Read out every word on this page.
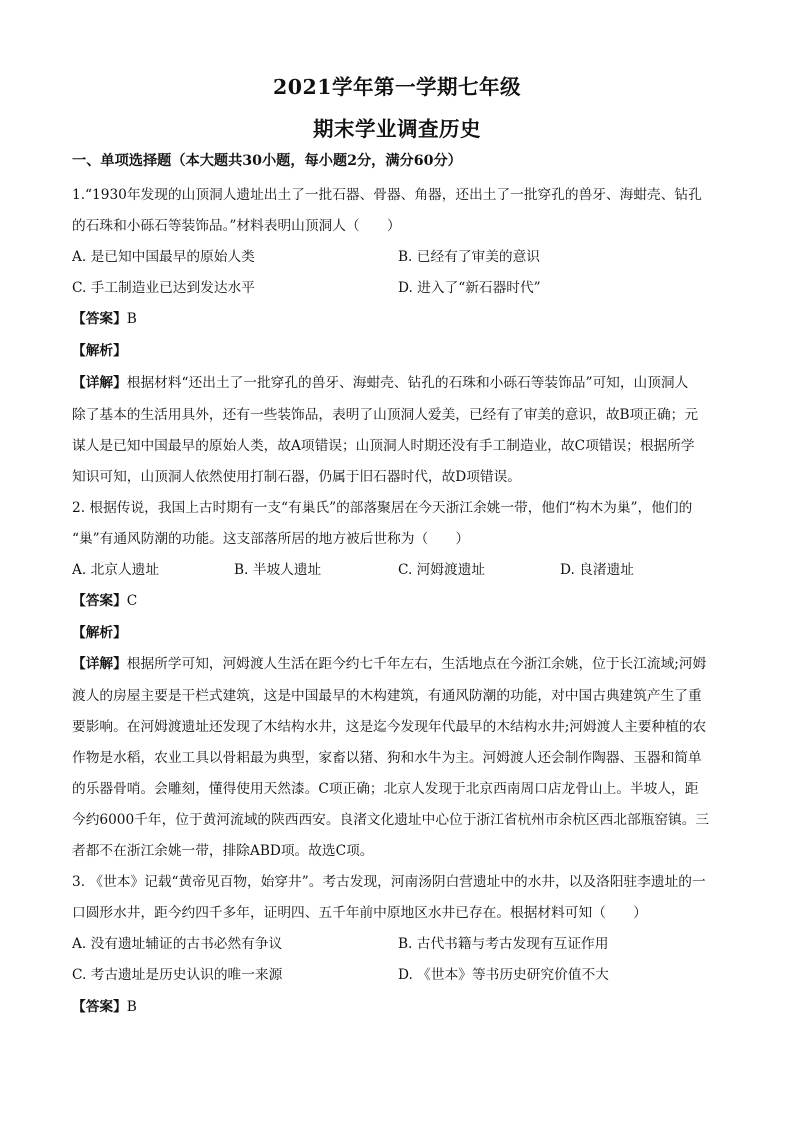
2021学年第一学期七年级
期末学业调查历史
一、单项选择题（本大题共30小题，每小题2分，满分60分）
1.“1930年发现的山顶洞人遗址出土了一批石器、骨器、角器，还出土了一批穿孔的兽牙、海蚶壳、钻孔
的石珠和小砾石等装饰品。”材料表明山顶洞人（　　）
A. 是已知中国最早的原始人类	B. 已经有了审美的意识
C. 手工制造业已达到发达水平	D. 进入了“新石器时代”
【答案】B
【解析】
【详解】根据材料“还出土了一批穿孔的兽牙、海蚶壳、钻孔的石珠和小砾石等装饰品”可知，山顶洞人
除了基本的生活用具外，还有一些装饰品，表明了山顶洞人爱美，已经有了审美的意识，故B项正确；元
谋人是已知中国最早的原始人类，故A项错误；山顶洞人时期还没有手工制造业，故C项错误；根据所学
知识可知，山顶洞人依然使用打制石器，仍属于旧石器时代，故D项错误。
2. 根据传说，我国上古时期有一支“有巢氏”的部落聚居在今天浙江余姚一带，他们“构木为巢”，他们的
“巢”有通风防潮的功能。这支部落所居的地方被后世称为（　　）
A. 北京人遗址	B. 半坡人遗址	C. 河姆渡遗址	D. 良渚遗址
【答案】C
【解析】
【详解】根据所学可知，河姆渡人生活在距今约七千年左右，生活地点在今浙江余姚，位于长江流域;河姆
渡人的房屋主要是干栏式建筑，这是中国最早的木构建筑，有通风防潮的功能，对中国古典建筑产生了重
要影响。在河姆渡遗址还发现了木结构水井，这是迄今发现年代最早的木结构水井;河姆渡人主要种植的农
作物是水稻，农业工具以骨耜最为典型，家畜以猪、狗和水牛为主。河姆渡人还会制作陶器、玉器和简单
的乐器骨哨。会雕刻，懂得使用天然漆。C项正确；北京人发现于北京西南周口店龙骨山上。半坡人，距
今约6000千年，位于黄河流域的陕西西安。良渚文化遗址中心位于浙江省杭州市余杭区西北部瓶窑镇。三
者都不在浙江余姚一带，排除ABD项。故选C项。
3. 《世本》记载“黄帝见百物，始穿井”。考古发现，河南汤阴白营遗址中的水井，以及洛阳驻李遗址的一
口圆形水井，距今约四千多年，证明四、五千年前中原地区水井已存在。根据材料可知（　　）
A. 没有遗址辅证的古书必然有争议	B. 古代书籍与考古发现有互证作用
C. 考古遗址是历史认识的唯一来源	D. 《世本》等书历史研究价值不大
【答案】B
